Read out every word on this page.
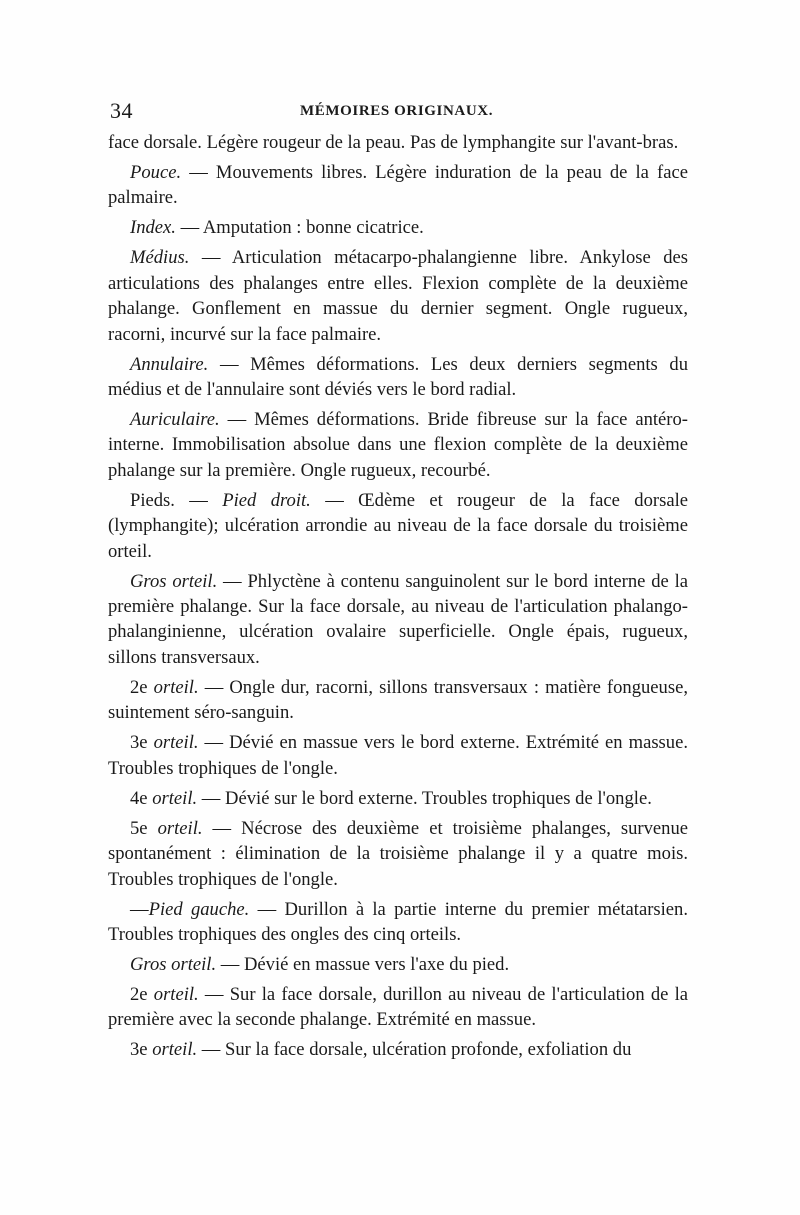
34	MÉMOIRES ORIGINAUX.

face dorsale. Légère rougeur de la peau. Pas de lymphangite sur l'avant-bras.

Pouce. — Mouvements libres. Légère induration de la peau de la face palmaire.

Index. — Amputation : bonne cicatrice.

Médius. — Articulation métacarpo-phalangienne libre. Ankylose des articulations des phalanges entre elles. Flexion complète de la deuxième phalange. Gonflement en massue du dernier segment. Ongle rugueux, racorni, incurvé sur la face palmaire.

Annulaire. — Mêmes déformations. Les deux derniers segments du médius et de l'annulaire sont déviés vers le bord radial.

Auriculaire. — Mêmes déformations. Bride fibreuse sur la face antéro-interne. Immobilisation absolue dans une flexion complète de la deuxième phalange sur la première. Ongle rugueux, recourbé.

Pieds. — Pied droit. — Œdème et rougeur de la face dorsale (lymphangite); ulcération arrondie au niveau de la face dorsale du troisième orteil.

Gros orteil. — Phlyctène à contenu sanguinolent sur le bord interne de la première phalange. Sur la face dorsale, au niveau de l'articulation phalango-phalanginienne, ulcération ovalaire superficielle. Ongle épais, rugueux, sillons transversaux.

2e orteil. — Ongle dur, racorni, sillons transversaux : matière fongueuse, suintement séro-sanguin.

3e orteil. — Dévié en massue vers le bord externe. Extrémité en massue. Troubles trophiques de l'ongle.

4e orteil. — Dévié sur le bord externe. Troubles trophiques de l'ongle.

5e orteil. — Nécrose des deuxième et troisième phalanges, survenue spontanément : élimination de la troisième phalange il y a quatre mois. Troubles trophiques de l'ongle.

—Pied gauche. — Durillon à la partie interne du premier métatarsien. Troubles trophiques des ongles des cinq orteils.

Gros orteil. — Dévié en massue vers l'axe du pied.

2e orteil. — Sur la face dorsale, durillon au niveau de l'articulation de la première avec la seconde phalange. Extrémité en massue.

3e orteil. — Sur la face dorsale, ulcération profonde, exfoliation du
